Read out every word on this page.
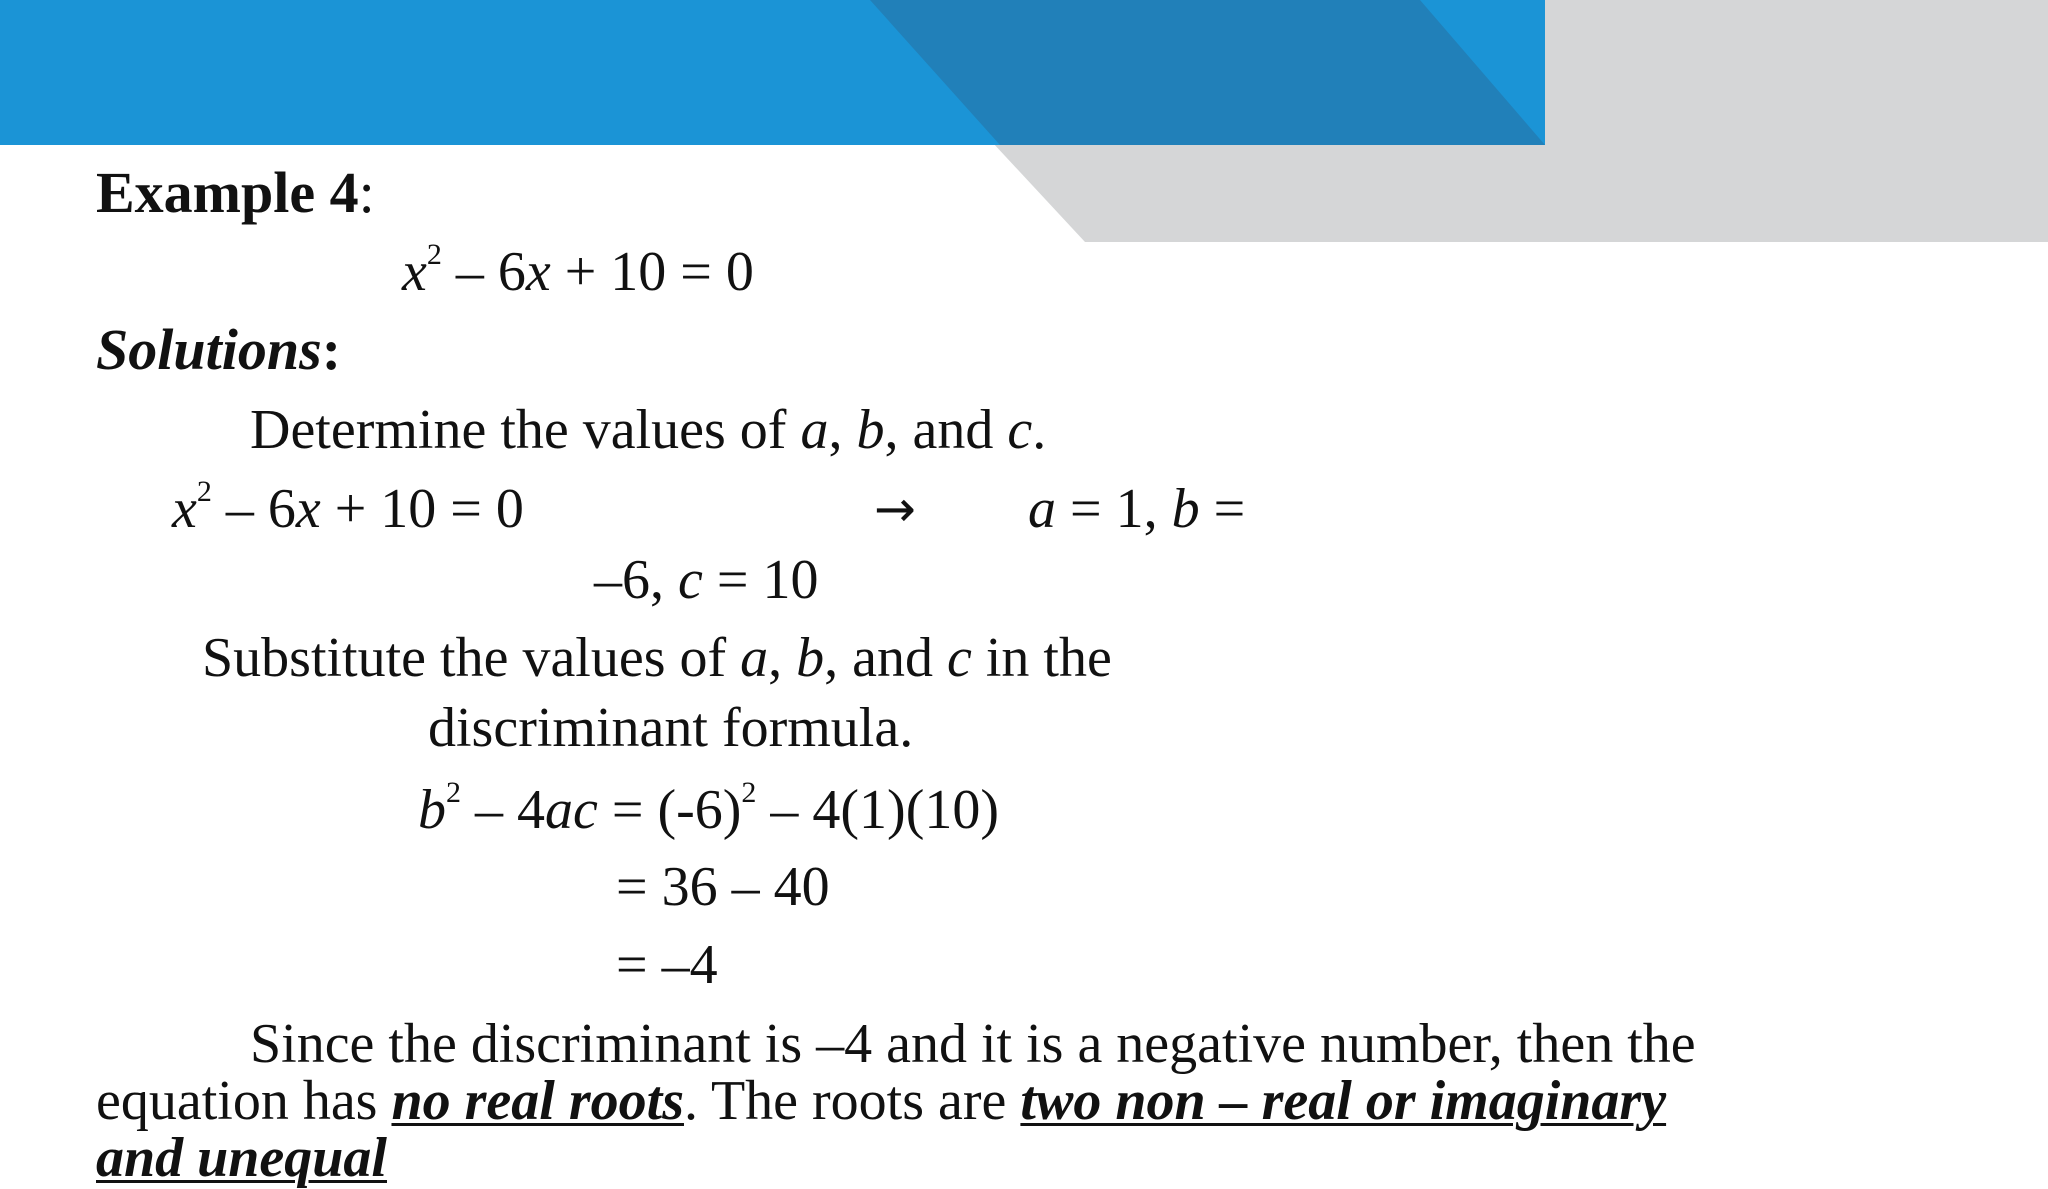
Example 4:
$x^2 - 6x + 10 = 0$
Solutions:
Determine the values of a, b, and c.
$x^2 - 6x + 10 = 0$	→ a = 1, b =
–6, c = 10
Substitute the values of a, b, and c in the
discriminant formula.
$b^2 - 4ac = (-6)^2 - 4(1)(10)$
= 36 – 40
= –4
Since the discriminant is –4 and it is a negative number, then the
equation has no real roots. The roots are two non – real or imaginary
and unequal
